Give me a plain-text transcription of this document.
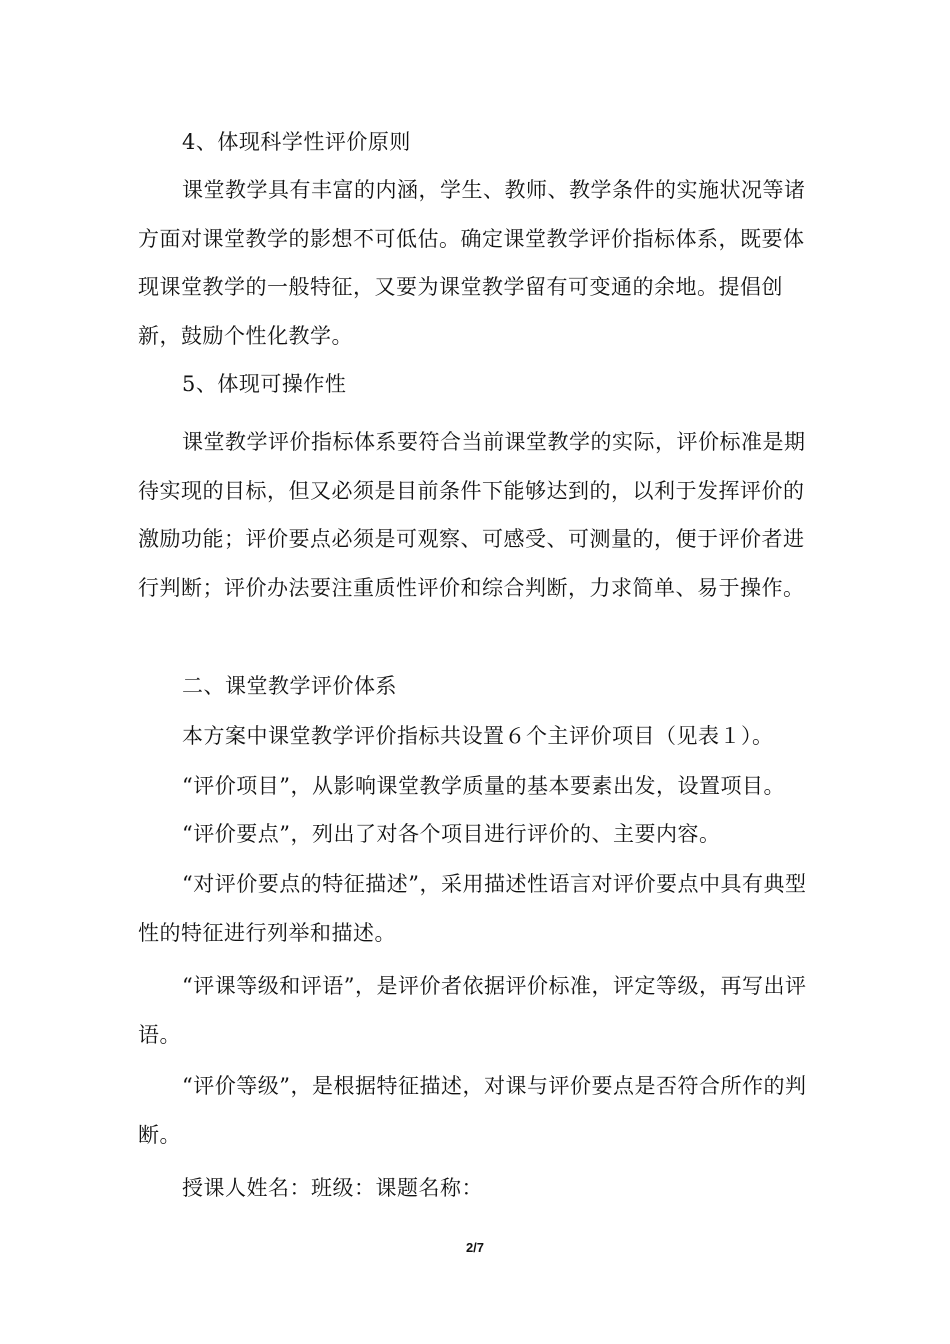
4、体现科学性评价原则

课堂教学具有丰富的内涵，学生、教师、教学条件的实施状况等诸方面对课堂教学的影想不可低估。确定课堂教学评价指标体系，既要体现课堂教学的一般特征，又要为课堂教学留有可变通的余地。提倡创新，鼓励个性化教学。

5、体现可操作性

课堂教学评价指标体系要符合当前课堂教学的实际，评价标准是期待实现的目标，但又必须是目前条件下能够达到的，以利于发挥评价的激励功能；评价要点必须是可观察、可感受、可测量的，便于评价者进行判断；评价办法要注重质性评价和综合判断，力求简单、易于操作。

二、课堂教学评价体系

本方案中课堂教学评价指标共设置６个主评价项目（见表１）。

“评价项目”，从影响课堂教学质量的基本要素出发，设置项目。

“评价要点”，列出了对各个项目进行评价的、主要内容。

“对评价要点的特征描述”，采用描述性语言对评价要点中具有典型性的特征进行列举和描述。

“评课等级和评语”，是评价者依据评价标准，评定等级，再写出评语。

“评价等级”，是根据特征描述，对课与评价要点是否符合所作的判断。

授课人姓名：班级：课题名称：

2/7
